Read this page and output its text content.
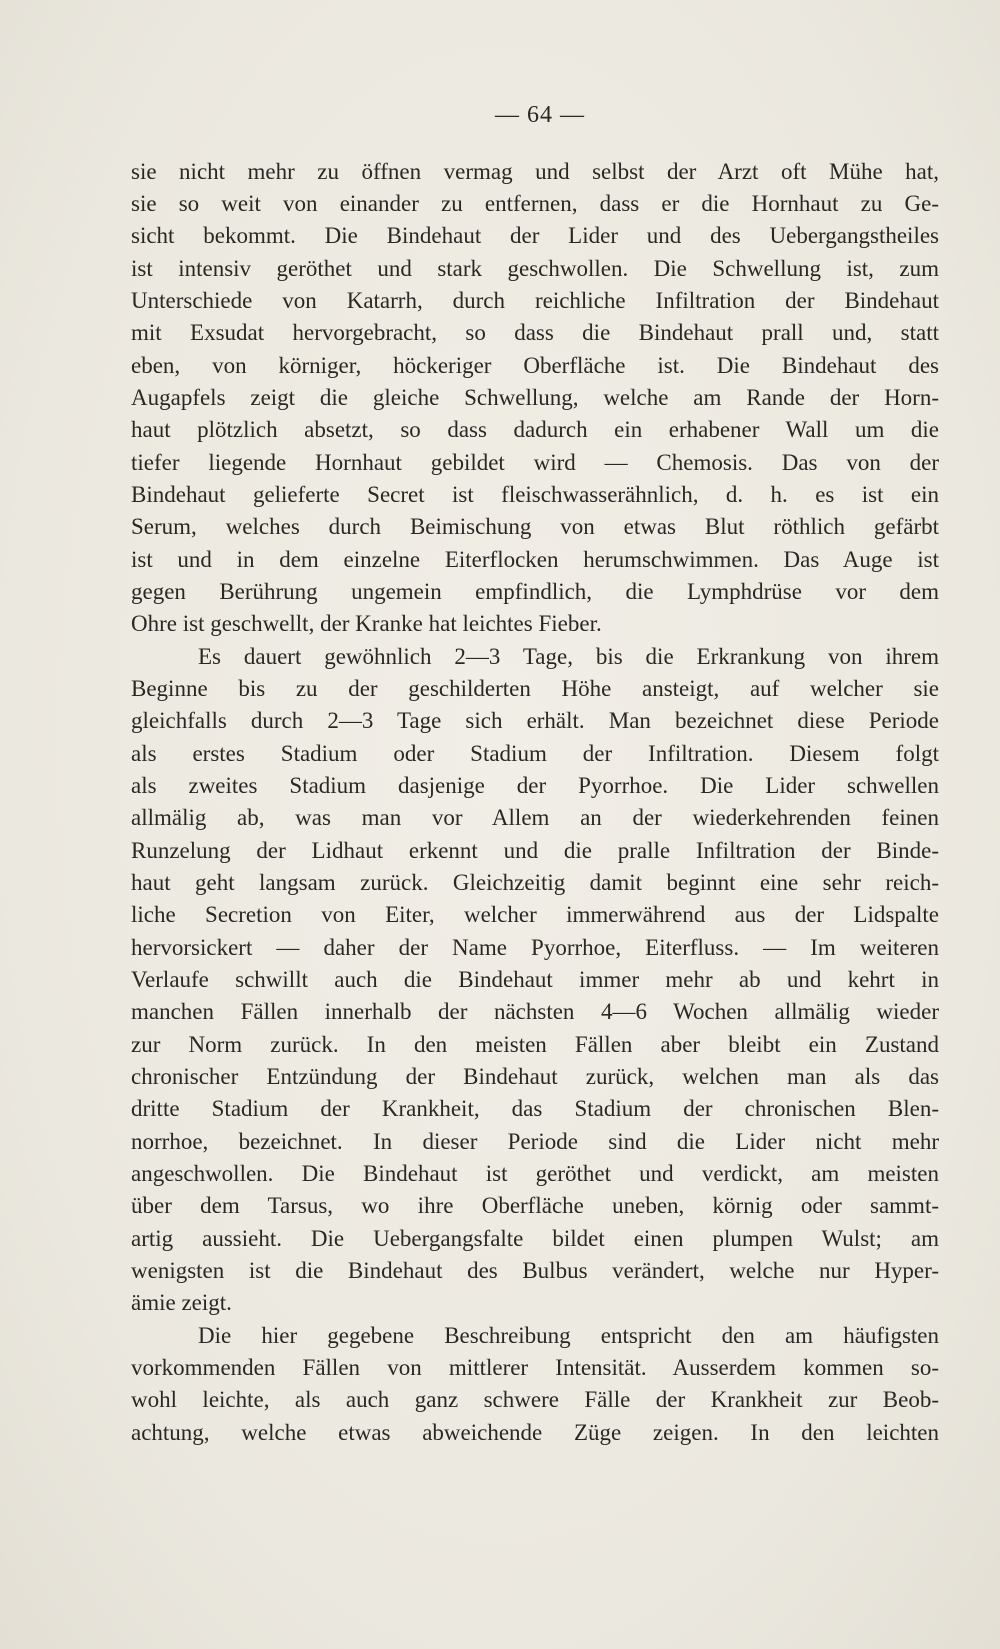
— 64 —
sie nicht mehr zu öffnen vermag und selbst der Arzt oft Mühe hat,
sie so weit von einander zu entfernen, dass er die Hornhaut zu Ge-
sicht bekommt. Die Bindehaut der Lider und des Uebergangstheiles
ist intensiv geröthet und stark geschwollen. Die Schwellung ist, zum
Unterschiede von Katarrh, durch reichliche Infiltration der Bindehaut
mit Exsudat hervorgebracht, so dass die Bindehaut prall und, statt
eben, von körniger, höckeriger Oberfläche ist. Die Bindehaut des
Augapfels zeigt die gleiche Schwellung, welche am Rande der Horn-
haut plötzlich absetzt, so dass dadurch ein erhabener Wall um die
tiefer liegende Hornhaut gebildet wird — Chemosis. Das von der
Bindehaut gelieferte Secret ist fleischwasserähnlich, d. h. es ist ein
Serum, welches durch Beimischung von etwas Blut röthlich gefärbt
ist und in dem einzelne Eiterflocken herumschwimmen. Das Auge ist
gegen Berührung ungemein empfindlich, die Lymphdrüse vor dem
Ohre ist geschwellt, der Kranke hat leichtes Fieber.
Es dauert gewöhnlich 2—3 Tage, bis die Erkrankung von ihrem
Beginne bis zu der geschilderten Höhe ansteigt, auf welcher sie
gleichfalls durch 2—3 Tage sich erhält. Man bezeichnet diese Periode
als erstes Stadium oder Stadium der Infiltration. Diesem folgt
als zweites Stadium dasjenige der Pyorrhoe. Die Lider schwellen
allmälig ab, was man vor Allem an der wiederkehrenden feinen
Runzelung der Lidhaut erkennt und die pralle Infiltration der Binde-
haut geht langsam zurück. Gleichzeitig damit beginnt eine sehr reich-
liche Secretion von Eiter, welcher immerwährend aus der Lidspalte
hervorsickert — daher der Name Pyorrhoe, Eiterfluss. — Im weiteren
Verlaufe schwillt auch die Bindehaut immer mehr ab und kehrt in
manchen Fällen innerhalb der nächsten 4—6 Wochen allmälig wieder
zur Norm zurück. In den meisten Fällen aber bleibt ein Zustand
chronischer Entzündung der Bindehaut zurück, welchen man als das
dritte Stadium der Krankheit, das Stadium der chronischen Blen-
norrhoe, bezeichnet. In dieser Periode sind die Lider nicht mehr
angeschwollen. Die Bindehaut ist geröthet und verdickt, am meisten
über dem Tarsus, wo ihre Oberfläche uneben, körnig oder sammt-
artig aussieht. Die Uebergangsfalte bildet einen plumpen Wulst; am
wenigsten ist die Bindehaut des Bulbus verändert, welche nur Hyper-
ämie zeigt.
Die hier gegebene Beschreibung entspricht den am häufigsten
vorkommenden Fällen von mittlerer Intensität. Ausserdem kommen so-
wohl leichte, als auch ganz schwere Fälle der Krankheit zur Beob-
achtung, welche etwas abweichende Züge zeigen. In den leichten
